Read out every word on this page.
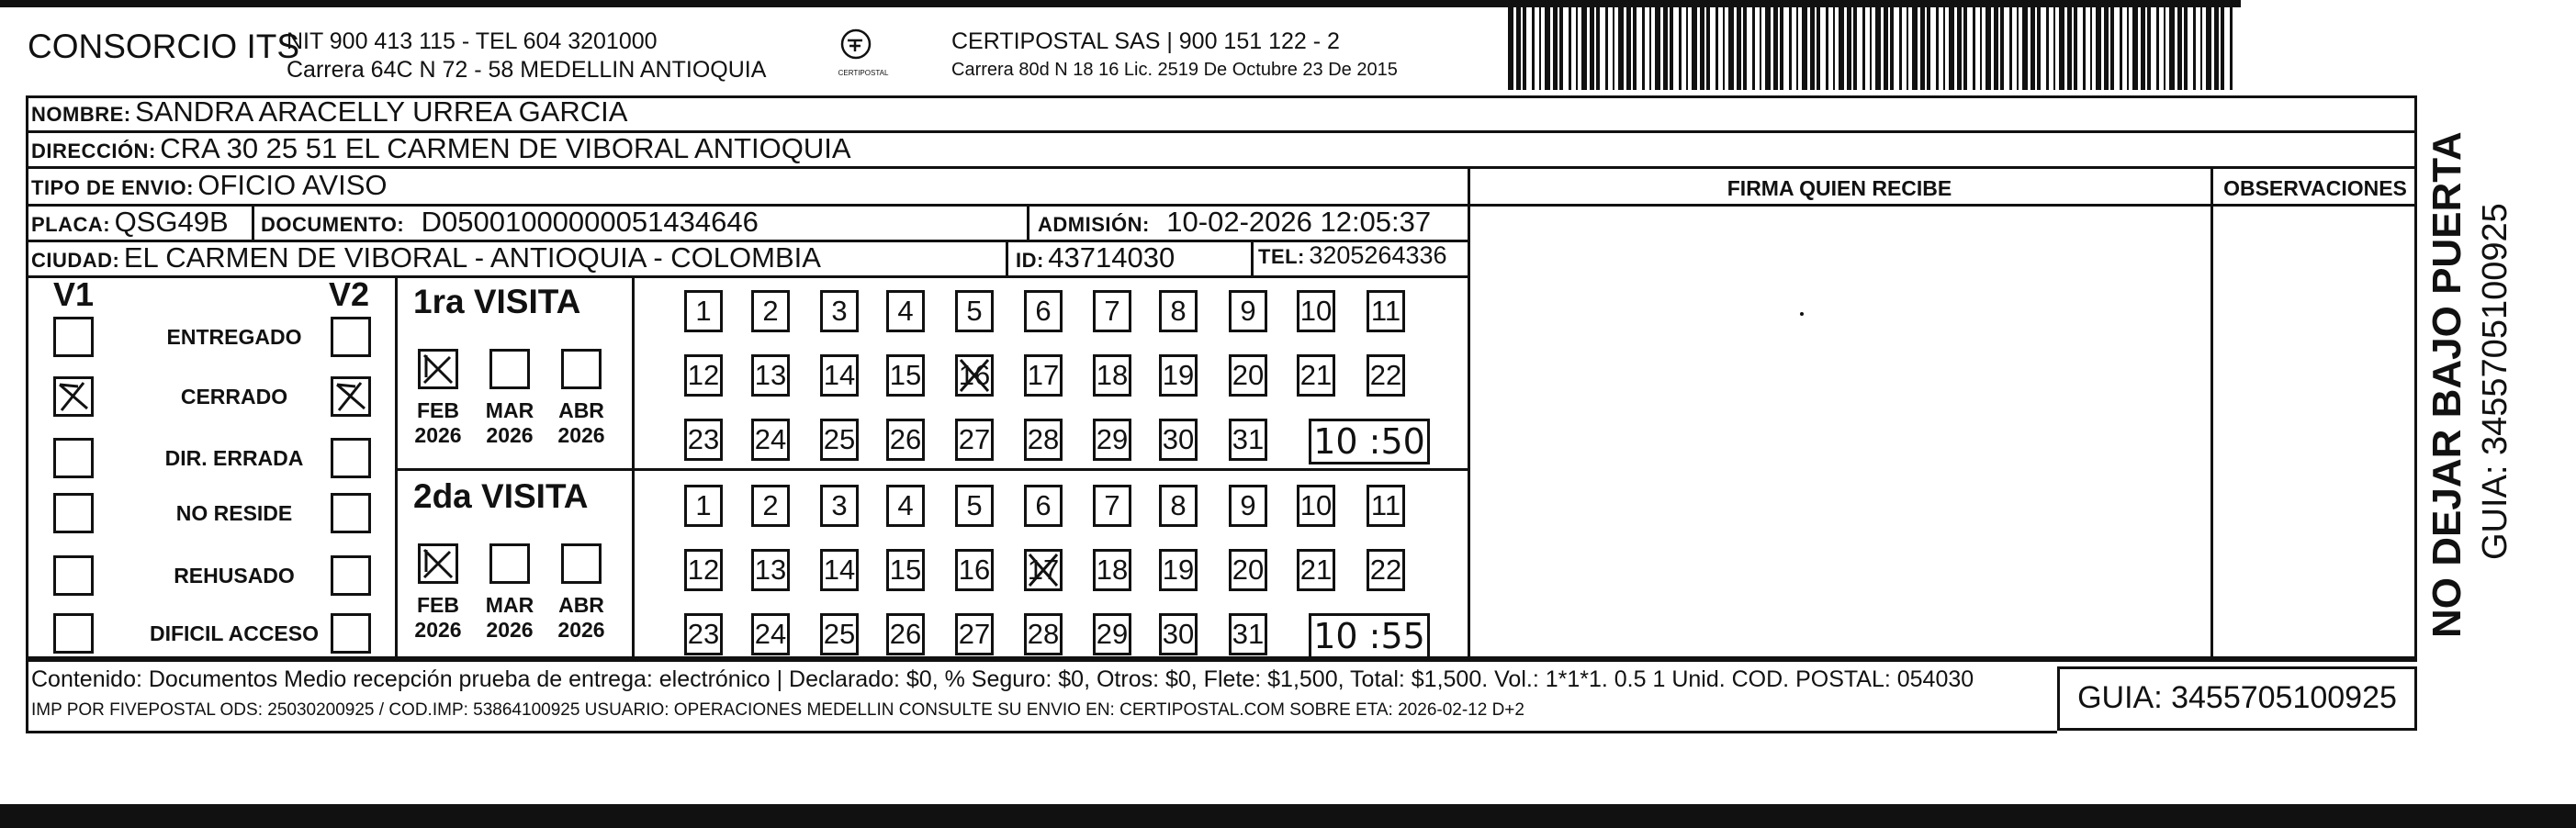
CONSORCIO ITS
NIT 900 413 115 - TEL 604 3201000
Carrera 64C N 72 - 58 MEDELLIN ANTIOQUIA	CERTIPOSTAL
CERTIPOSTAL SAS | 900 151 122 - 2
Carrera 80d N 18 16 Lic. 2519 De Octubre 23 De 2015
NOMBRE: SANDRA ARACELLY URREA GARCIA
DIRECCIÓN: CRA 30 25 51 EL CARMEN DE VIBORAL ANTIOQUIA
TIPO DE ENVIO: OFICIO AVISO
PLACA: QSG49B DOCUMENTO: D05001000000051434646	ADMISIÓN: 10-02-2026 12:05:37
CIUDAD: EL CARMEN DE VIBORAL - ANTIOQUIA - COLOMBIA	ID: 43714030	TEL: 3205264336
FIRMA QUIEN RECIBE	OBSERVACIONES
V1	V2
ENTREGADO
CERRADO
DIR. ERRADA
NO RESIDE
REHUSADO
DIFICIL ACCESO
1ra VISITA
FEB
2026
MAR
2026
ABR
2026
1	2	3	4	5	6	7	8	9	10 11
12 13 14 15 16 17 18 19 20 21 22
23 24 25 26 27 28 29 30 31 10 :50
2da VISITA
FEB
2026
MAR
2026
ABR
2026
1	2	3	4	5	6	7	8	9	10 11
12 13 14 15 16 17 18 19 20 21 22
23 24 25 26 27 28 29 30 31 10 :55
Contenido: Documentos Medio recepción prueba de entrega: electrónico | Declarado: $0, % Seguro: $0, Otros: $0, Flete: $1,500, Total: $1,500. Vol.: 1*1*1. 0.5 1 Unid. COD. POSTAL: 054030
IMP POR FIVEPOSTAL ODS: 25030200925 / COD.IMP: 53864100925 USUARIO: OPERACIONES MEDELLIN CONSULTE SU ENVIO EN: CERTIPOSTAL.COM SOBRE ETA: 2026-02-12 D+2	GUIA: 3455705100925
NO DEJAR BAJO PUERTA GUIA: 3455705100925
